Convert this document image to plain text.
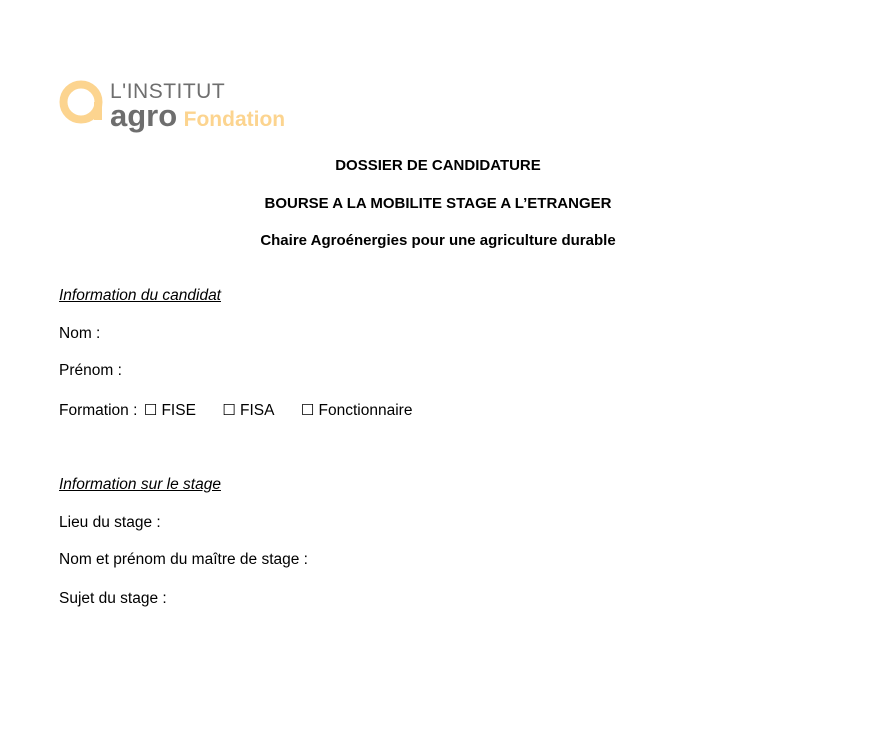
L'INSTITUT
agro Fondation
DOSSIER DE CANDIDATURE
BOURSE A LA MOBILITE STAGE A L’ETRANGER
Chaire Agroénergies pour une agriculture durable
Information du candidat
Nom :
Prénom :
Formation : ☐ FISE ☐ FISA ☐ Fonctionnaire
Information sur le stage
Lieu du stage :
Nom et prénom du maître de stage :
Sujet du stage :
